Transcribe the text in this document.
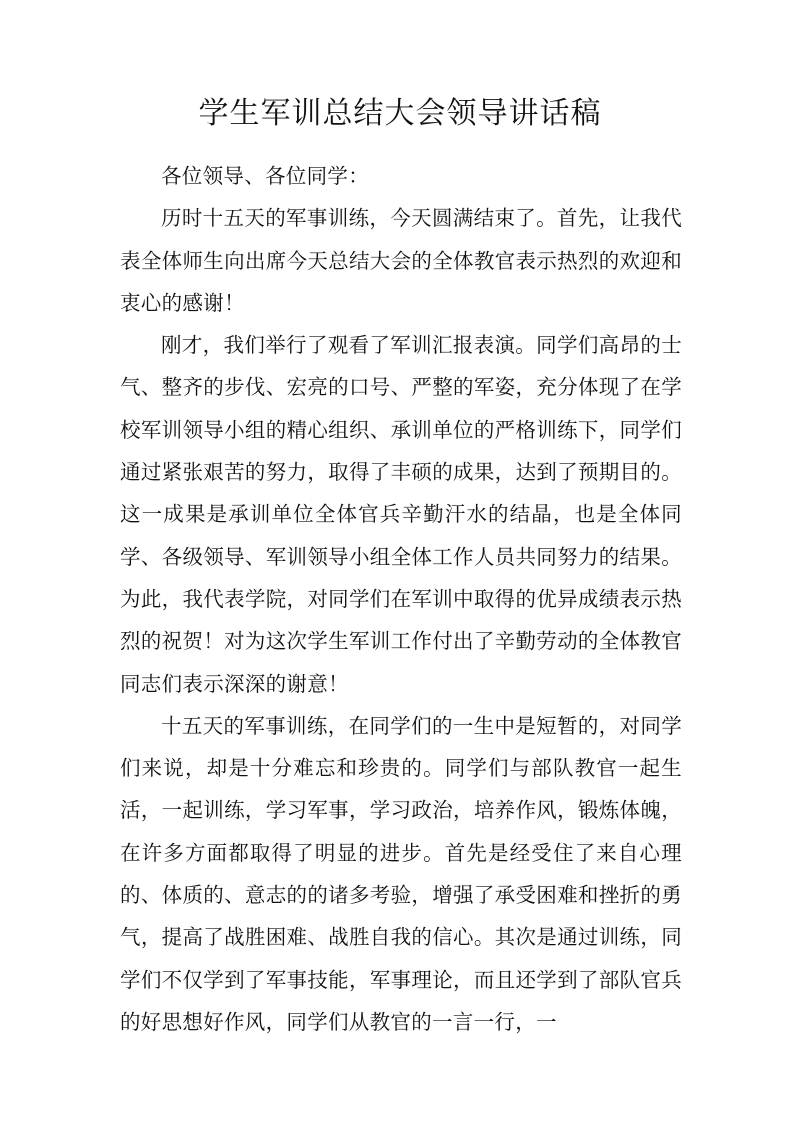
学生军训总结大会领导讲话稿

各位领导、各位同学：

历时十五天的军事训练，今天圆满结束了。首先，让我代表全体师生向出席今天总结大会的全体教官表示热烈的欢迎和衷心的感谢！

刚才，我们举行了观看了军训汇报表演。同学们高昂的士气、整齐的步伐、宏亮的口号、严整的军姿，充分体现了在学校军训领导小组的精心组织、承训单位的严格训练下，同学们通过紧张艰苦的努力，取得了丰硕的成果，达到了预期目的。这一成果是承训单位全体官兵辛勤汗水的结晶，也是全体同学、各级领导、军训领导小组全体工作人员共同努力的结果。为此，我代表学院，对同学们在军训中取得的优异成绩表示热烈的祝贺！对为这次学生军训工作付出了辛勤劳动的全体教官同志们表示深深的谢意！

十五天的军事训练，在同学们的一生中是短暂的，对同学们来说，却是十分难忘和珍贵的。同学们与部队教官一起生活，一起训练，学习军事，学习政治，培养作风，锻炼体魄，在许多方面都取得了明显的进步。首先是经受住了来自心理的、体质的、意志的的诸多考验，增强了承受困难和挫折的勇气，提高了战胜困难、战胜自我的信心。其次是通过训练，同学们不仅学到了军事技能，军事理论，而且还学到了部队官兵的好思想好作风，同学们从教官的一言一行，一
